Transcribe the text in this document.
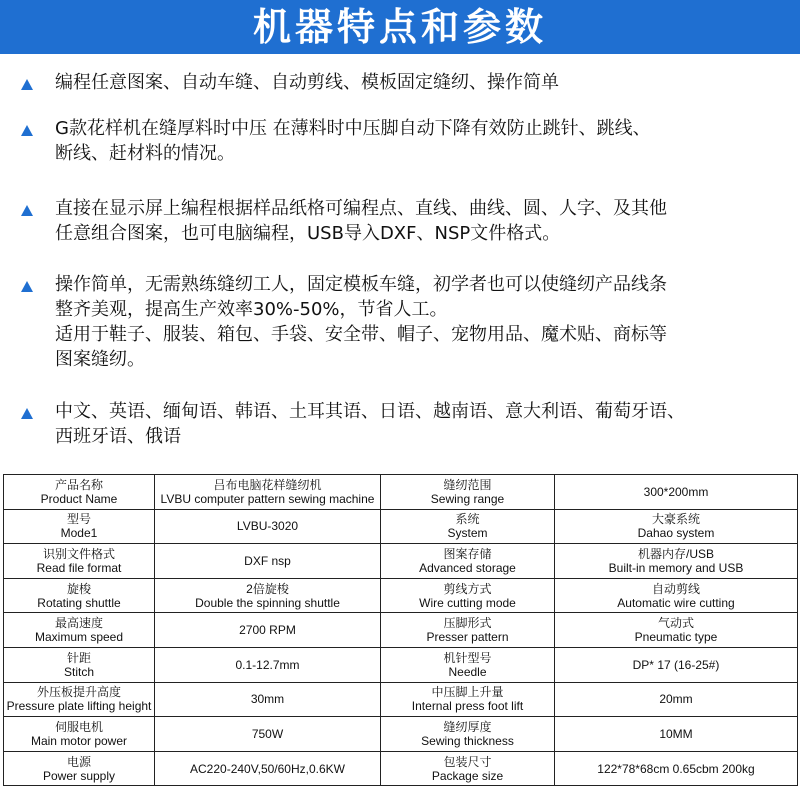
机器特点和参数
编程任意图案、自动车缝、自动剪线、模板固定缝纫、操作简单
G款花样机在缝厚料时中压 在薄料时中压脚自动下降有效防止跳针、跳线、
断线、赶材料的情况。
直接在显示屏上编程根据样品纸格可编程点、直线、曲线、圆、人字、及其他
任意组合图案，也可电脑编程，USB导入DXF、NSP文件格式。
操作简单，无需熟练缝纫工人，固定模板车缝，初学者也可以使缝纫产品线条
整齐美观，提高生产效率30%-50%，节省人工。
适用于鞋子、服装、箱包、手袋、安全带、帽子、宠物用品、魔术贴、商标等
图案缝纫。
中文、英语、缅甸语、韩语、土耳其语、日语、越南语、意大利语、葡萄牙语、
西班牙语、俄语
产品名称
Product Name	吕布电脑花样缝纫机
LVBU computer pattern sewing machine	缝纫范围
Sewing range	300*200mm

型号
Mode1	LVBU-3020	系统
System	大豪系统
Dahao system

识别文件格式
Read file format	DXF nsp	图案存储
Advanced storage	机器内存/USB
Built-in memory and USB

旋梭
Rotating shuttle	2倍旋梭
Double the spinning shuttle	剪线方式
Wire cutting mode	自动剪线
Automatic wire cutting

最高速度
Maximum speed	2700 RPM	压脚形式
Presser pattern	气动式
Pneumatic type

针距
Stitch	0.1-12.7mm	机针型号
Needle	DP* 17 (16-25#)

外压板提升高度
Pressure plate lifting height	30mm	中压脚上升量
Internal press foot lift	20mm

伺服电机
Main motor power	750W	缝纫厚度
Sewing thickness	10MM

电源
Power supply	AC220-240V,50/60Hz,0.6KW	包装尺寸
Package size	122*78*68cm 0.65cbm 200kg
